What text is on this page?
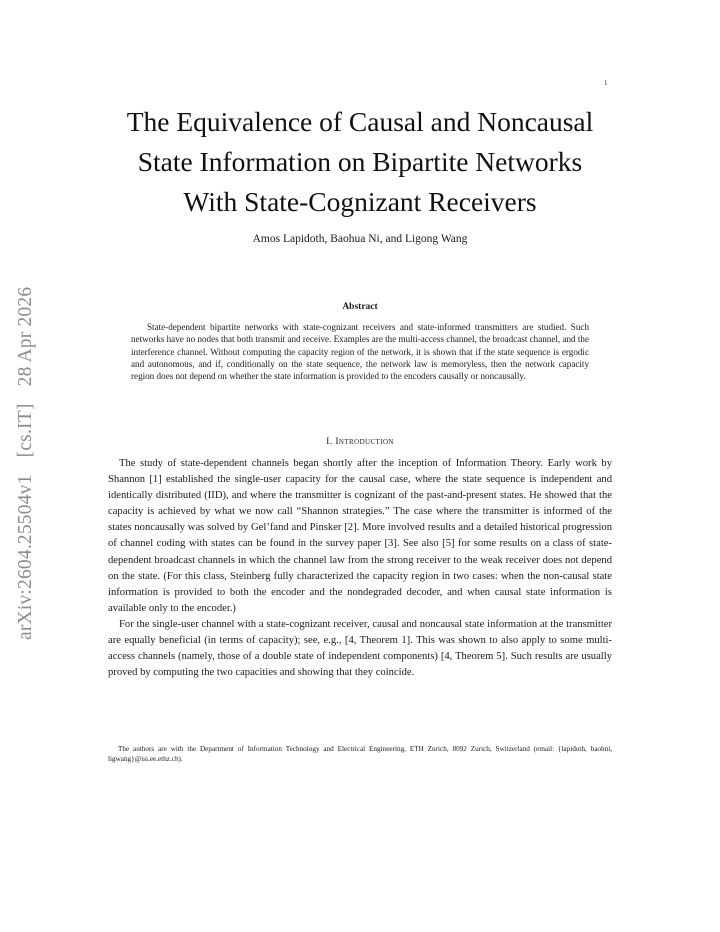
1
arXiv:2604.25504v1 [cs.IT] 28 Apr 2026
The Equivalence of Causal and Noncausal
State Information on Bipartite Networks
With State-Cognizant Receivers
Amos Lapidoth, Baohua Ni, and Ligong Wang
Abstract

State-dependent bipartite networks with state-cognizant receivers and state-informed transmitters are studied. Such networks have no nodes that both transmit and receive. Examples are the multi-access channel, the broadcast channel, and the interference channel. Without computing the capacity region of the network, it is shown that if the state sequence is ergodic and autonomous, and if, conditionally on the state sequence, the network law is memoryless, then the network capacity region does not depend on whether the state information is provided to the encoders causally or noncausally.

I. Introduction

The study of state-dependent channels began shortly after the inception of Information Theory. Early work by Shannon [1] established the single-user capacity for the causal case, where the state sequence is independent and identically distributed (IID), and where the transmitter is cognizant of the past-and-present states. He showed that the capacity is achieved by what we now call “Shannon strategies.” The case where the transmitter is informed of the states noncausally was solved by Gel’fand and Pinsker [2]. More involved results and a detailed historical progression of channel coding with states can be found in the survey paper [3]. See also [5] for some results on a class of state-dependent broadcast channels in which the channel law from the strong receiver to the weak receiver does not depend on the state. (For this class, Steinberg fully characterized the capacity region in two cases: when the non-causal state information is provided to both the encoder and the nondegraded decoder, and when causal state information is available only to the encoder.)

For the single-user channel with a state-cognizant receiver, causal and noncausal state information at the transmitter are equally beneficial (in terms of capacity); see, e.g., [4, Theorem 1]. This was shown to also apply to some multi-access channels (namely, those of a double state of independent components) [4, Theorem 5]. Such results are usually proved by computing the two capacities and showing that they coincide.

The authors are with the Department of Information Technology and Electrical Engineering, ETH Zurich, 8092 Zurich, Switzerland (email: {lapidoth, baohni, ligwang}@isi.ee.ethz.ch).
